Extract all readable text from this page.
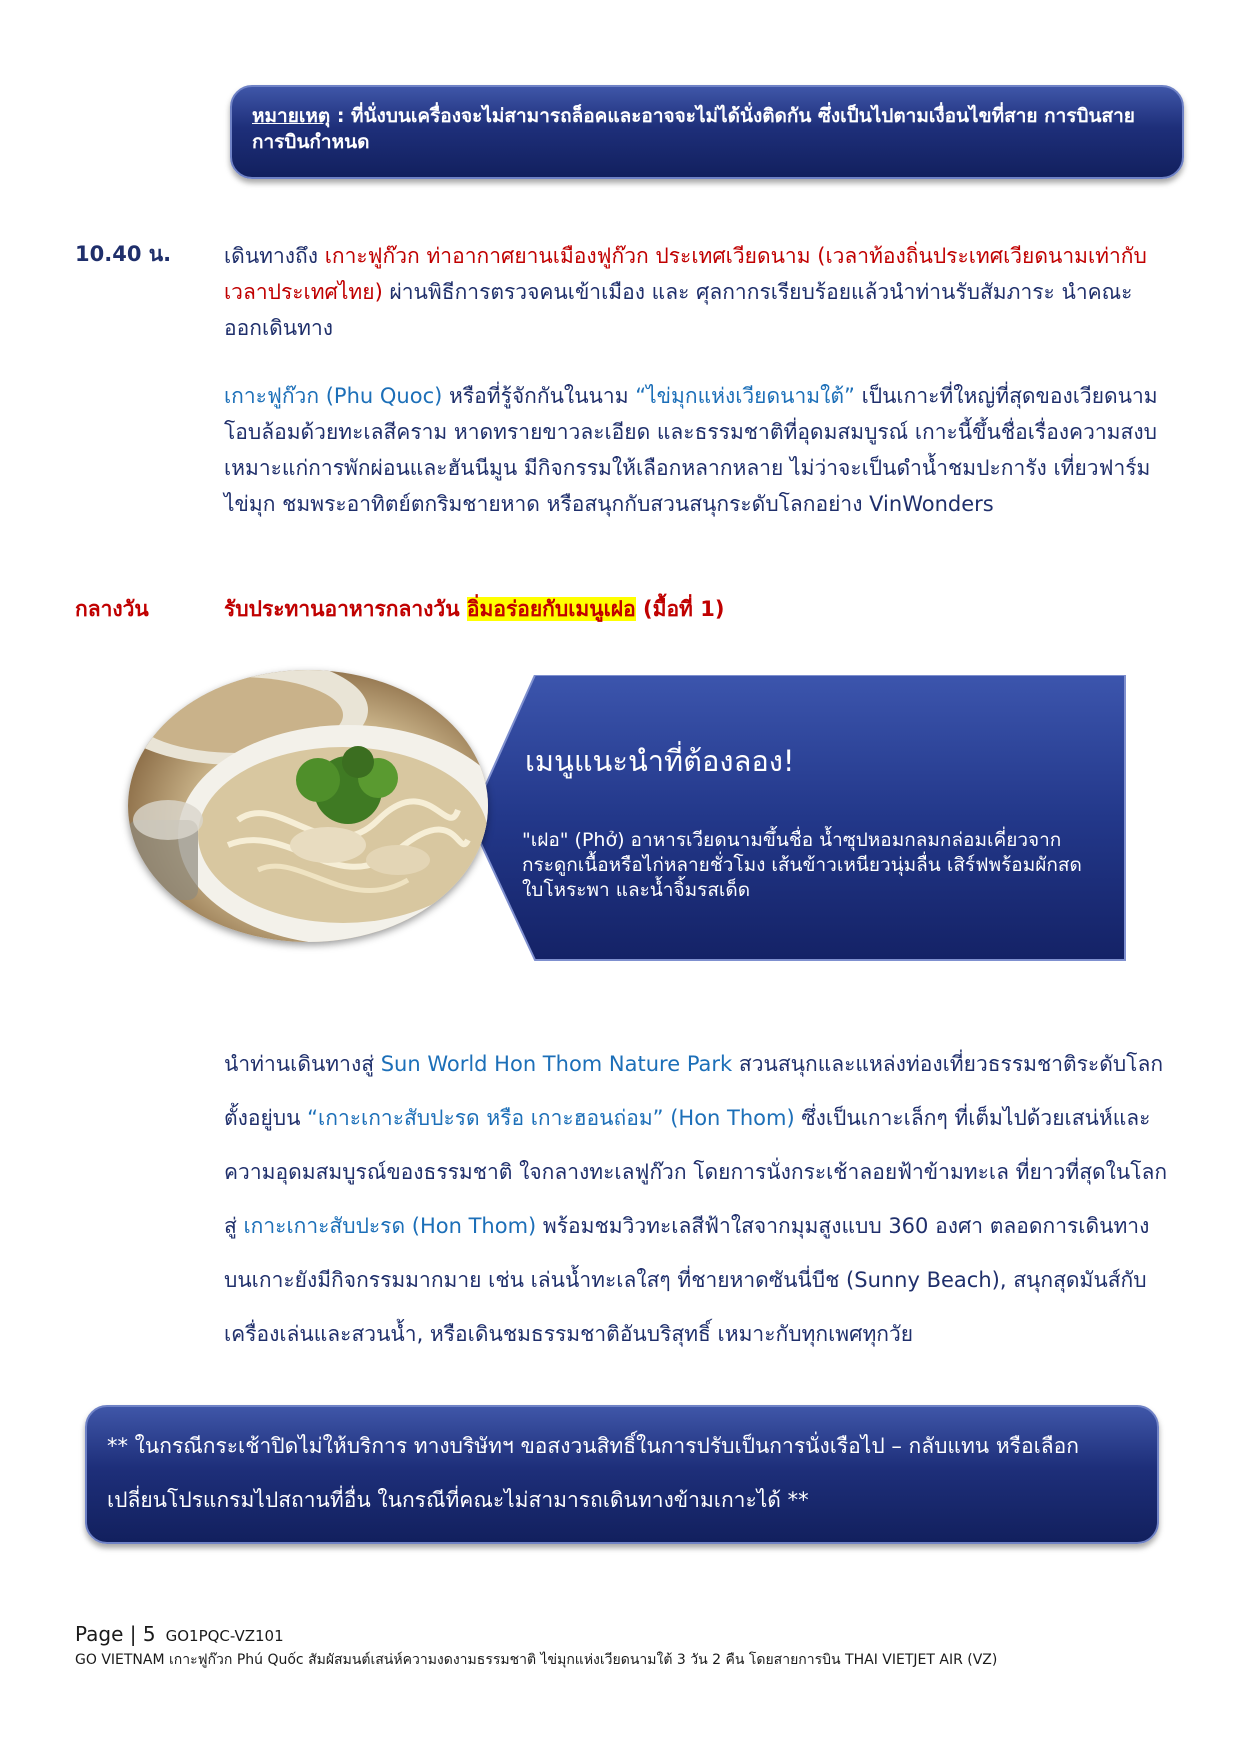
หมายเหตุ : ที่นั่งบนเครื่องจะไม่สามารถล็อคและอาจจะไม่ได้นั่งติดกัน ซึ่งเป็นไปตามเงื่อนไขที่สาย การบินสายการบินกำหนด
10.40 น.	เดินทางถึง เกาะฟูก๊วก ท่าอากาศยานเมืองฟูก๊วก ประเทศเวียดนาม (เวลาท้องถิ่นประเทศเวียดนามเท่ากับเวลาประเทศไทย) ผ่านพิธีการตรวจคนเข้าเมือง และ ศุลกากรเรียบร้อยแล้วนำท่านรับสัมภาระ นำคณะออกเดินทาง
เกาะฟูก๊วก (Phu Quoc) หรือที่รู้จักกันในนาม “ไข่มุกแห่งเวียดนามใต้” เป็นเกาะที่ใหญ่ที่สุดของเวียดนาม โอบล้อมด้วยทะเลสีคราม หาดทรายขาวละเอียด และธรรมชาติที่อุดมสมบูรณ์ เกาะนี้ขึ้นชื่อเรื่องความสงบ เหมาะแก่การพักผ่อนและฮันนีมูน มีกิจกรรมให้เลือกหลากหลาย ไม่ว่าจะเป็นดำน้ำชมปะการัง เที่ยวฟาร์มไข่มุก ชมพระอาทิตย์ตกริมชายหาด หรือสนุกกับสวนสนุกระดับโลกอย่าง VinWonders
กลางวัน	รับประทานอาหารกลางวัน อิ่มอร่อยกับเมนูเฝอ (มื้อที่ 1)
เมนูแนะนำที่ต้องลอง!
"เฝอ" (Phở) อาหารเวียดนามขึ้นชื่อ น้ำซุปหอมกลมกล่อมเคี่ยวจากกระดูกเนื้อหรือไก่หลายชั่วโมง เส้นข้าวเหนียวนุ่มลื่น เสิร์ฟพร้อมผักสด ใบโหระพา และน้ำจิ้มรสเด็ด
นำท่านเดินทางสู่ Sun World Hon Thom Nature Park สวนสนุกและแหล่งท่องเที่ยวธรรมชาติระดับโลก ตั้งอยู่บน “เกาะเกาะสับปะรด หรือ เกาะฮอนถ่อม” (Hon Thom) ซึ่งเป็นเกาะเล็กๆ ที่เต็มไปด้วยเสน่ห์และความอุดมสมบูรณ์ของธรรมชาติ ใจกลางทะเลฟูก๊วก โดยการนั่งกระเช้าลอยฟ้าข้ามทะเล ที่ยาวที่สุดในโลก สู่ เกาะเกาะสับปะรด (Hon Thom) พร้อมชมวิวทะเลสีฟ้าใสจากมุมสูงแบบ 360 องศา ตลอดการเดินทาง บนเกาะยังมีกิจกรรมมากมาย เช่น เล่นน้ำทะเลใสๆ ที่ชายหาดซันนี่บีช (Sunny Beach), สนุกสุดมันส์กับเครื่องเล่นและสวนน้ำ, หรือเดินชมธรรมชาติอันบริสุทธิ์ เหมาะกับทุกเพศทุกวัย
** ในกรณีกระเช้าปิดไม่ให้บริการ ทางบริษัทฯ ขอสงวนสิทธิ์ในการปรับเป็นการนั่งเรือไป – กลับแทน หรือเลือกเปลี่ยนโปรแกรมไปสถานที่อื่น ในกรณีที่คณะไม่สามารถเดินทางข้ามเกาะได้ **
Page | 5 GO1PQC-VZ101
GO VIETNAM เกาะฟูก๊วก Phú Quốc สัมผัสมนต์เสน่ห์ความงดงามธรรมชาติ ไข่มุกแห่งเวียดนามใต้ 3 วัน 2 คืน โดยสายการบิน THAI VIETJET AIR (VZ)
